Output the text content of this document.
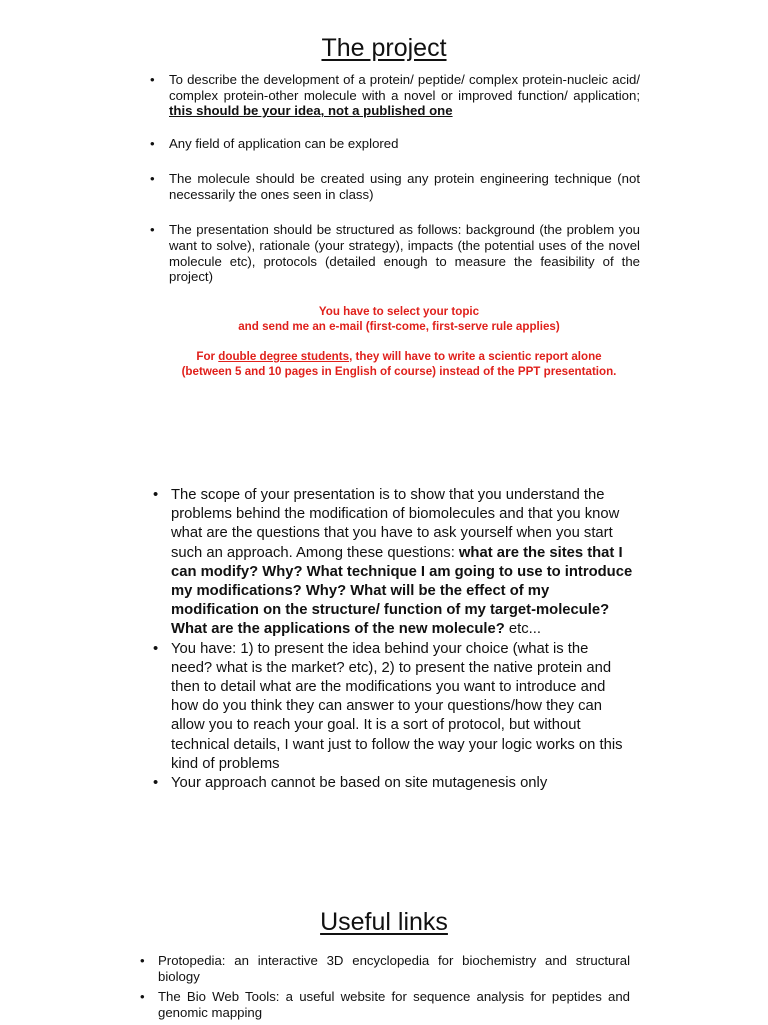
The project
• To describe the development of a protein/ peptide/ complex protein-nucleic acid/ complex protein-other molecule with a novel or improved function/ application; this should be your idea, not a published one
• Any field of application can be explored
• The molecule should be created using any protein engineering technique (not necessarily the ones seen in class)
• The presentation should be structured as follows: background (the problem you want to solve), rationale (your strategy), impacts (the potential uses of the novel molecule etc), protocols (detailed enough to measure the feasibility of the project)
You have to select your topic
and send me an e-mail (first-come, first-serve rule applies)
For double degree students, they will have to write a scientic report alone
(between 5 and 10 pages in English of course) instead of the PPT presentation.
• The scope of your presentation is to show that you understand the problems behind the modification of biomolecules and that you know what are the questions that you have to ask yourself when you start such an approach. Among these questions: what are the sites that I can modify? Why? What technique I am going to use to introduce my modifications? Why? What will be the effect of my modification on the structure/ function of my target-molecule? What are the applications of the new molecule? etc...
• You have: 1) to present the idea behind your choice (what is the need? what is the market? etc), 2) to present the native protein and then to detail what are the modifications you want to introduce and how do you think they can answer to your questions/how they can allow you to reach your goal. It is a sort of protocol, but without technical details, I want just to follow the way your logic works on this kind of problems
• Your approach cannot be based on site mutagenesis only
Useful links
• Protopedia: an interactive 3D encyclopedia for biochemistry and structural biology
• The Bio Web Tools: a useful website for sequence analysis for peptides and genomic mapping
